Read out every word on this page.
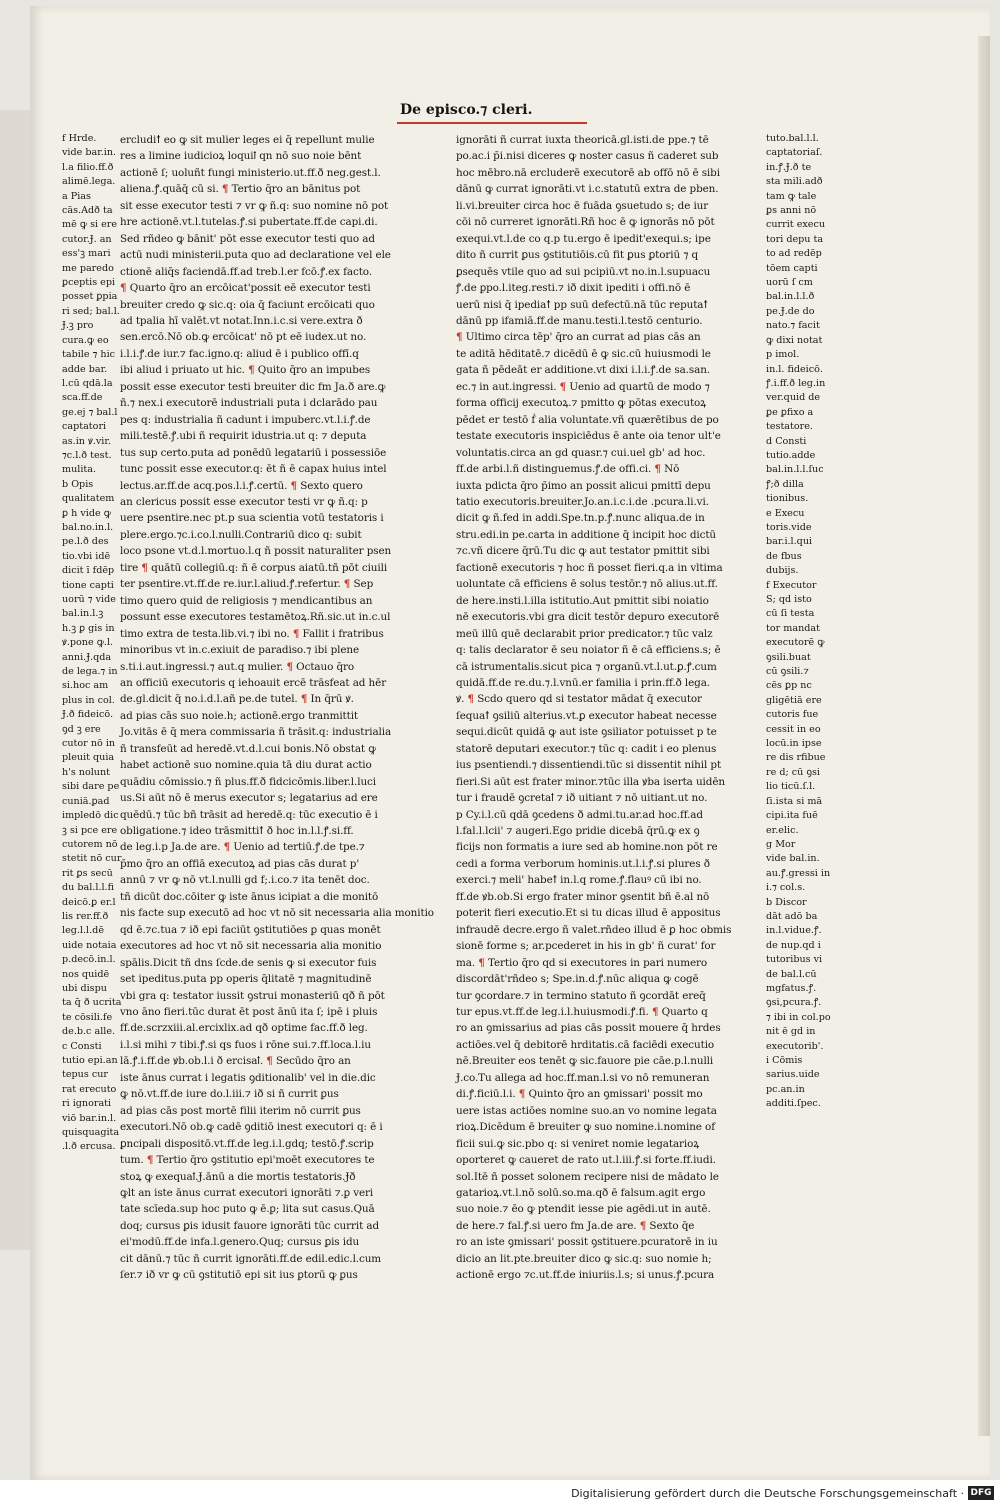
De episco.⁊ cleri.

f Hrde.

vide bar.in.

l.a filio.ff.ð

alimē.lega.

a Pias

cās.Adð ta

mē ꝙ si ere

cutor.Ɉ. an

ess'ꝫ mari

me paredo

ꝑceptis epi

posset ꝑpia

ri sed; bal.l.

Ɉ.ꝫ pro

cura.ꝙ eo

tabile ⁊ hic

adde bar.

l.cū qdā.la

sca.ff.de

ge.ej ⁊ bal.l

captatori

as.in ꝟ.vir.

⁊c.l.ð test.

mulita.

b Opis

qualitatem

ꝑ h vide ꝙ

bal.no.in.l.

pe.l.ð des

tio.vbi idē

dicit ī fdēp

tione capti

uorū ⁊ vide

bal.in.l.ꝫ

h.ꝫ ꝑ gis in

ꝟ.pone ꝙ.l.

anni.Ɉ.qda

de lega.⁊ in

si.hoc am

plus in col.

Ɉ.ð fideicō.

ꝯd ꝫ ere

cutor nō in

pleuit quia

h's nolunt

sibi dare pe

cuniā.ꝑad

impledō dic

ꝫ si pce ere

cutorem nō

stetit nō cur

rit ꝑs secū

du bal.l.l.fi

deicō.ꝑ er.l

lis rer.ff.ð

leg.l.l.dē

uide notaia

p.decō.in.l.

nos quidē

ubi dispu

ta q̄ ð ucrita

te cōsili.fe

de.b.c alle.

c Consti

tutio epi.an

tepus cur

rat erecuto

ri ignorati

viō bar.in.l.

quisquagita

.l.ð ercusa.

ercludiꝉ eo ꝙ sit mulier leges ei q̄ repellunt mulie

res a limine iudicioꝝ loquiꝉ qn nō suo noie bēnt

actionē ſ; uoluñt fungi ministerio.ut.ff.ð neg.gest.l.

aliena.ꝭ.quāq̄ cū si. ¶ Tertio q̄ro an bānitus pot

sit esse executor testi ⁊ vr ꝙ ñ.q: suo nomine nō pot

hre actionē.vt.l.tutelas.ꝭ.si pubertate.ff.de capi.di.

Sed rñdeo ꝙ bānit' pōt esse executor testi quo ad

actū nudi ministerii.puta quo ad declaratione vel ele

ctionē aliq̄s faciendā.ff.ad treb.l.er fcō.ꝭ.ex facto.

¶ Quarto q̄ro an ercōicat'possit eē executor testi

breuiter credo ꝙ sic.q: oia q̄ faciunt ercōicati quo

ad tpalia hī valēt.vt notat.Inn.i.c.si vere.extra ð

sen.ercō.Nō ob.ꝙ ercōicat' nō pt eē iudex.ut no.

i.l.i.ꝭ.de iur.⁊ fac.igno.q: aliud ē i publico offī.q

ibi aliud i priuato ut hic. ¶ Quito q̄ro an impubes

possit esse executor testi breuiter dic fm Ja.ð are.ꝙ

ñ.⁊ nex.i executorē industriali puta i dclarādo pau

pes q: industrialia ñ cadunt i impuberc.vt.l.i.ꝭ.de

mili.testē.ꝭ.ubi ñ requirit idustria.ut q: ⁊ deputa

tus sup certo.puta ad ponēdū legatariū i possessiōe

tunc possit esse executor.q: ēt ñ ē capax huius intel

lectus.ar.ff.de acq.pos.l.i.ꝭ.certū. ¶ Sexto quero

an clericus possit esse executor testi vr ꝙ ñ.q: p

uere psentire.nec pt.p sua scientia votū testatoris i

plere.ergo.⁊c.i.co.l.nulli.Contrariū dico q: subit

loco psone vt.d.l.mortuo.l.q ñ possit naturaliter psen

tire ¶ quātū collegiū.q: ñ ē corpus aiatū.tñ pōt ciuili

ter psentire.vt.ff.de re.iur.l.aliud.ꝭ.refertur. ¶ Sep

timo quero quid de religiosis ⁊ mendicantibus an

possunt esse executores testamētoꝝ.Rñ.sic.ut in.c.ul

timo extra de testa.lib.vi.⁊ ibi no. ¶ Fallit i fratribus

minoribus vt in.c.exiuit de paradiso.⁊ ibi plene

s.ti.i.aut.ingressi.⁊ aut.q mulier. ¶ Octauo q̄ro

an officiū executoris q iehoauit ercē trāsfeat ad hēr

de.gl.dicit q̄ no.i.d.l.añ pe.de tutel. ¶ In q̄rū ꝟ.

ad pias cās suo noie.h; actionē.ergo tranmittit

Jo.vitās ē q̄ mera commissaria ñ trāsit.q: industrialia

ñ transfeūt ad heredē.vt.d.l.cui bonis.Nō obstat ꝙ

habet actionē suo nomine.quia tā diu durat actio

quādiu cōmissio.⁊ ñ plus.ff.ð fidcicōmis.liber.l.luci

us.Si aūt nō ē merus executor s; legatarius ad ere

quēdū.⁊ tūc bñ trāsit ad heredē.q: tūc executio ē i

obligatione.⁊ ideo trāsmittiꝉ ð hoc in.l.l.ꝭ.si.ff.

de leg.i.p Ja.de are. ¶ Uenio ad tertiū.ꝭ.de tpe.⁊

p̄mo q̄ro an offiā executoꝝ ad pias cās durat p'

annū ⁊ vr ꝙ nō vt.l.nulli gd f;.i.co.⁊ ita tenēt doc.

tñ dicūt doc.cōiter ꝙ iste ānus icipiat a die monitō

nis facte sup executō ad hoc vt nō sit necessaria alia monitio

qd ē.⁊c.tua ⁊ ið epi faciūt ꝯstitutiōes ꝑ quas monēt

executores ad hoc vt nō sit necessaria alia monitio

spālis.Dicit tñ dns ſcde.de senis ꝙ si executor fuis

set ipeditus.puta pp operis q̄litatē ⁊ magnitudinē

vbi gra q: testator iussit ꝯstrui monasteriū qð ñ pōt

vno āno fieri.tūc durat ēt post ānū ita ſ; ipē i pluis

ff.de.scrzxiii.al.ercixlix.ad qð optime fac.ff.ð leg.

i.l.si mihi ⁊ tibi.ꝭ.si qs fuos i rōne sui.⁊.ff.loca.l.iu

lā.ꝭ.i.ff.de ꝟb.ob.l.i ð ercisaꝉ. ¶ Secūdo q̄ro an

iste ānus currat i legatis ꝯditionalib' vel in die.dic

ꝙ nō.vt.ff.de iure do.l.iii.⁊ ið si ñ currit ꝑus

ad pias cās post mortē filii iterim nō currit ꝑus

executori.Nō ob.ꝙ cadē ꝯditiō inest executori q: ē i

ꝑncipali dispositō.vt.ff.de leg.i.l.gdq; testō.ꝭ.scrip

tum. ¶ Tertio q̄ro ꝯstitutio epi'moēt executores te

stoꝝ ꝙ exequaꝉ.Ɉ.ānū a die mortis testatoris.Ɉð

ꝙlt an iste ānus currat executori ignorāti ⁊.ꝑ veri

tate scīeda.sup hoc puto ꝙ ē.ꝑ; lita sut casus.Quā

doq; cursus ꝑis idusit fauore ignorāti tūc currit ad

ei'modū.ff.de infa.l.genero.Quq; cursus ꝑis idu

cit dānū.⁊ tūc ñ currit ignorāti.ff.de edil.edic.l.cum

ſer.⁊ ið vr ꝙ cū ꝯstitutiō epi sit ius ꝑtorū ꝙ ꝑus

ignorāti ñ currat iuxta theoricā.gl.isti.de ppe.⁊ tē

po.ac.i p̄i.nisi diceres ꝙ noster casus ñ caderet sub

hoc mēbro.nā ercluderē executorē ab offō nō ē sibi

dānū ꝙ currat ignorāti.vt i.c.statutū extra de pben.

li.vi.breuiter circa hoc ē fuāda ꝯsuetudo s; de iur

cōi nō curreret ignorāti.Rñ hoc ē ꝙ ignorās nō pōt

exequi.vt.l.de co q.p tu.ergo ē ipedit'exequi.s; ipe

dito ñ currit ꝑus ꝯstitutiōis.cū fit ꝑus ꝑtoriū ⁊ q

ꝑsequēs vtile quo ad sui pcipiū.vt no.in.l.supuacu

ꝭ.de ꝑpo.l.iteg.resti.⁊ ið dixit ipediti i offi.nō ē

uerū nisi q̄ ipediaꝉ pp suū defectū.nā tūc reputaꝉ

dānū pp ifamiā.ff.de manu.testi.l.testō centurio.

¶ Ultimo circa tēp' q̄ro an currat ad pias cās an

te aditā hēditatē.⁊ dicēdū ē ꝙ sic.cū huiusmodi le

gata ñ pēdeāt er additione.vt dixi i.l.i.ꝭ.de sa.san.

ec.⁊ in aut.ingressi. ¶ Uenio ad quartū de modo ⁊

forma officij executoꝝ.⁊ pmitto ꝙ pōtas executoꝝ

pēdet er testō ḟ alia voluntate.vñ quærētibus de po

testate executoris inspiciēdus ē ante oia tenor ult'e

voluntatis.circa an gd quasr.⁊ cui.uel gb' ad hoc.

ff.de arbi.l.ñ distinguemus.ꝭ.de offi.ci. ¶ Nō

iuxta pdicta q̄ro p̄imo an possit alicui pmittī depu

tatio executoris.breuiter.Jo.an.i.c.i.de .pcura.li.vi.

dicit ꝙ ñ.fed in addi.Spe.tn.p.ꝭ.nunc aliqua.de in

stru.edi.in pe.carta in additione q̄ incipit hoc dictū

⁊c.vñ dicere q̄rū.Tu dic ꝙ aut testator pmittit sibi

factionē executoris ⁊ hoc ñ posset fieri.q.a in vltima

uoluntate cā efficiens ē solus testōr.⁊ nō alius.ut.ff.

de here.insti.l.illa istitutio.Aut pmittit sibi noiatio

nē executoris.vbi gra dicit testōr depuro executorē

meū illū quē declarabit prior predicator.⁊ tūc valz

q: talis declarator ē seu noiator ñ ē cā efficiens.s; ē

cā istrumentalis.sicut pica ⁊ organū.vt.l.ut.ꝑ.ꝭ.cum

quidā.ff.de re.du.⁊.l.vnū.er familia i prin.ff.ð lega.

ꝟ. ¶ Scdo quero qd si testator mādat q̄ executor

ſequaꝉ ꝯsiliū alterius.vt.ꝑ executor habeat necesse

sequi.dicūt quidā ꝙ aut iste ꝯsiliator potuisset p te

statorē deputari executor.⁊ tūc q: cadit i eo plenus

ius psentiendi.⁊ dissentiendi.tūc si dissentit nihil pt

fieri.Si aūt est frater minor.⁊tūc illa ꝟba iserta uidēn

tur i fraudē ꝯcretaꝉ ⁊ ið uitiant ⁊ nō uitiant.ut no.

p Cy.i.l.cū qdā ꝯcedens ð admi.tu.ar.ad hoc.ff.ad

l.fal.l.lcii' ⁊ augeri.Ego pridie dicebā q̄rū.ꝙ ex ꝯ

ficijs non formatis a iure sed ab homine.non pōt re

cedi a forma verborum hominis.ut.l.i.ꝭ.si plures ð

exerci.⁊ meli' habeꝉ in.l.q rome.ꝭ.flauꝰ cū ibi no.

ff.de ꝟb.ob.Si ergo frater minor ꝯsentit bñ ē.al nō

poterit fieri executio.Et si tu dicas illud ē appositus

infraudē decre.ergo ñ valet.rñdeo illud ē ꝑ hoc obmis

sionē forme s; ar.pcederet in his in gb' ñ curat' for

ma. ¶ Tertio q̄ro qd si executores in pari numero

discordāt'rñdeo s; Spe.in.d.ꝭ.nūc aliqua ꝙ cogē

tur ꝯcordare.⁊ in termino statuto ñ ꝯcordāt ereq̄

tur epus.vt.ff.de leg.i.l.huiusmodi.ꝭ.fi. ¶ Quarto q

ro an ꝯmissarius ad pias cās possit mouere q̄ hrdes

actiōes.vel q̄ debitorē hrditatis.cā faciēdi executio

nē.Breuiter eos tenēt ꝙ sic.fauore pie cāe.p.l.nulli

Ɉ.co.Tu allega ad hoc.ff.man.l.si vo nō remuneran

di.ꝭ.ficiū.l.i. ¶ Quinto q̄ro an ꝯmissari' possit mo

uere istas actiōes nomine suo.an vo nomine legata

rioꝝ.Dicēdum ē breuiter ꝙ suo nomine.i.nomine of

ficii sui.ꝙ sic.pbo q: si veniret nomie legatarioꝝ

oporteret ꝙ caueret de rato ut.l.iii.ꝭ.si forte.ff.iudi.

sol.Itē ñ posset solonem recipere nisi de mādato le

gatarioꝝ.vt.l.nō solū.so.ma.qð ē falsum.agit ergo

suo noie.⁊ ēo ꝙ ptendit iesse pie agēdi.ut in autē.

de here.⁊ fal.ꝭ.si uero fm Ja.de are. ¶ Sexto q̄e

ro an iste ꝯmissari' possit ꝯstituere.pcuratorē in iu

dicio an lit.pte.breuiter dico ꝙ sic.q: suo nomie h;

actionē ergo ⁊c.ut.ff.de iniuriis.l.s; si unus.ꝭ.pcura

tuto.bal.l.l.

captatoriaſ.

in.ꝭ.Ɉ.ð te

sta mili.adð

tam ꝙ tale

ꝑs anni nō

currit execu

tori depu ta

to ad redēp

tōem capti

uorū ſ cm

bal.in.l.l.ð

pe.Ɉ.de do

nato.⁊ facit

ꝙ dixi notat

p imol.

in.l. fideicō.

ꝭ.i.ff.ð leg.in

ver.quid de

ꝑe ꝑfixo a

testatore.

d Consti

tutio.adde

bal.in.l.l.ſuc

ꝭ;ð dilla

tionibus.

e Execu

toris.vide

bar.i.l.qui

de fbus

dubijs.

f Executor

S; qd isto

cū ſi testa

tor mandat

executorē ꝙ

ꝯsili.buat

cū ꝯsili.⁊

cēs ꝑp nc

gligētiā ere

cutoris fue

cessit in eo

locū.in ipse

re dis rfibue

re d; cū ꝯsi

lio ticū.ſ.l.

ſi.ista si mā

cipi.ita fuē

er.elic.

g Mor

vide bal.in.

au.ꝭ.gressi in

i.⁊ col.s.

b Discor

dāt adō ba

in.l.vidue.ꝭ.

de nup.qd i

tutoribus vi

de bal.l.cū

mgfatus.ꝭ.

ꝯsi,pcura.ꝭ.

⁊ ibi in col.po

nit ē gd in

executorib'.

i Cōmis

sarius.uide

pc.an.in

additi.ſpec.

Digitalisierung gefördert durch die Deutsche Forschungsgemeinschaft · DFG
